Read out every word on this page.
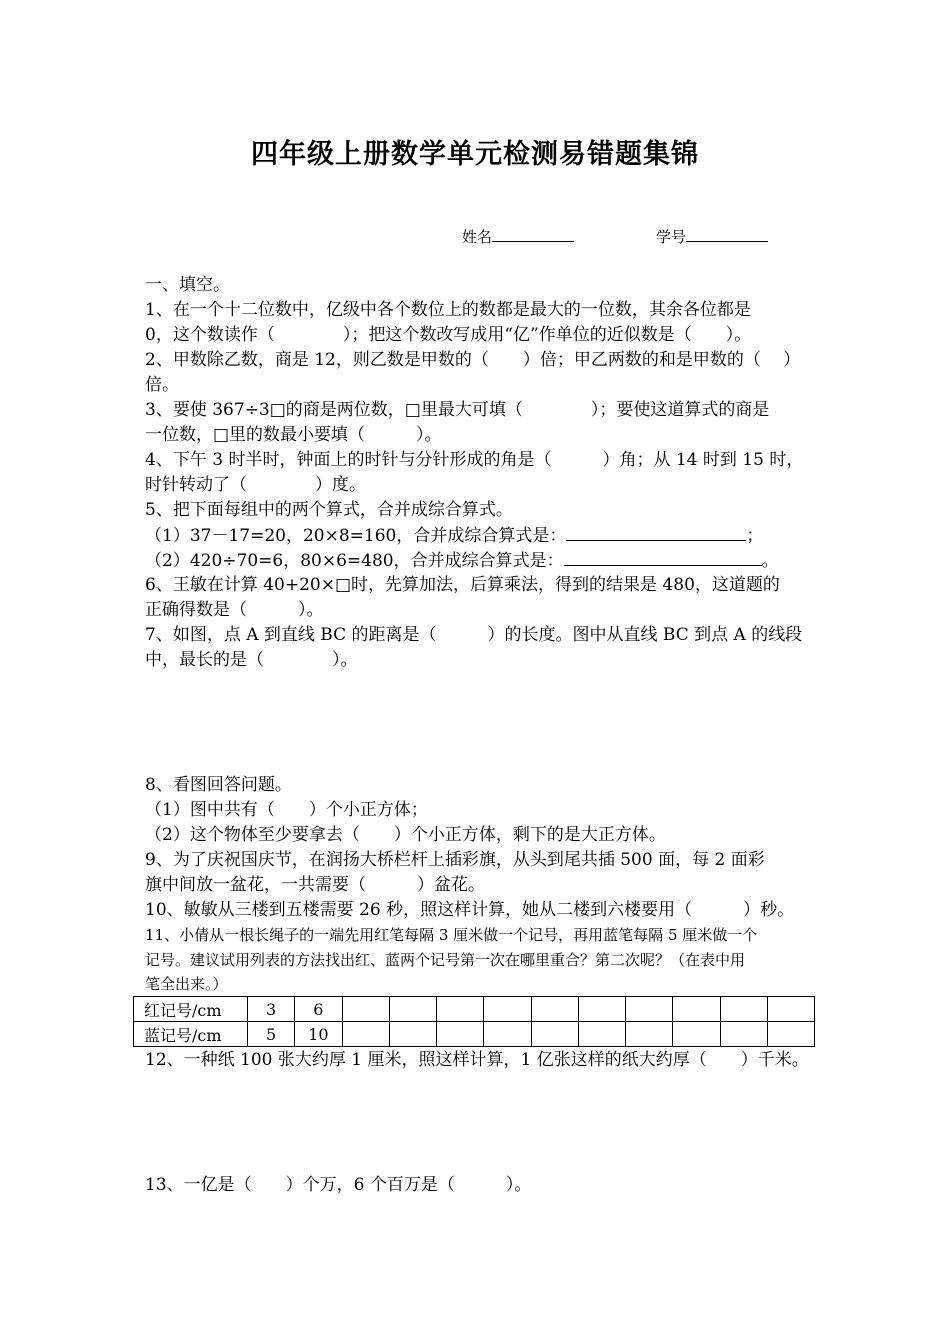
四年级上册数学单元检测易错题集锦
姓名	学号
一、填空。
1、在一个十二位数中，亿级中各个数位上的数都是最大的一位数，其余各位都是
0，这个数读作（　　　　）；把这个数改写成用“亿”作单位的近似数是（　　）。
2、甲数除乙数，商是 12，则乙数是甲数的（　　）倍；甲乙两数的和是甲数的（　 ）
倍。
3、要使 367÷3□的商是两位数，□里最大可填（　　　　）；要使这道算式的商是
一位数，□里的数最小要填（　　　）。
4、下午 3 时半时，钟面上的时针与分针形成的角是（　　　）角；从 14 时到 15 时，
时针转动了（　　　　）度。
5、把下面每组中的两个算式，合并成综合算式。
（1）37－17=20，20×8=160，合并成综合算式是：	；
（2）420÷70=6，80×6=480，合并成综合算式是：	。
6、王敏在计算 40+20×□时，先算加法，后算乘法，得到的结果是 480，这道题的
正确得数是（　　　）。
7、如图，点 A 到直线 BC 的距离是（　　　）的长度。图中从直线 BC 到点 A 的线段
中，最长的是（　　　　）。
8、看图回答问题。
（1）图中共有（　　）个小正方体；
（2）这个物体至少要拿去（　　）个小正方体，剩下的是大正方体。
9、为了庆祝国庆节，在润扬大桥栏杆上插彩旗，从头到尾共插 500 面，每 2 面彩
旗中间放一盆花，一共需要（　　　）盆花。
10、敏敏从三楼到五楼需要 26 秒，照这样计算，她从二楼到六楼要用（　　　）秒。
11、小倩从一根长绳子的一端先用红笔每隔 3 厘米做一个记号，再用蓝笔每隔 5 厘米做一个
记号。建议试用列表的方法找出红、蓝两个记号第一次在哪里重合？第二次呢？（在表中用
笔全出来。）
红记号/cm	3	6										
蓝记号/cm	5	10										
12、一种纸 100 张大约厚 1 厘米，照这样计算，1 亿张这样的纸大约厚（　　）千米。
13、一亿是（　　）个万，6 个百万是（　　　）。
